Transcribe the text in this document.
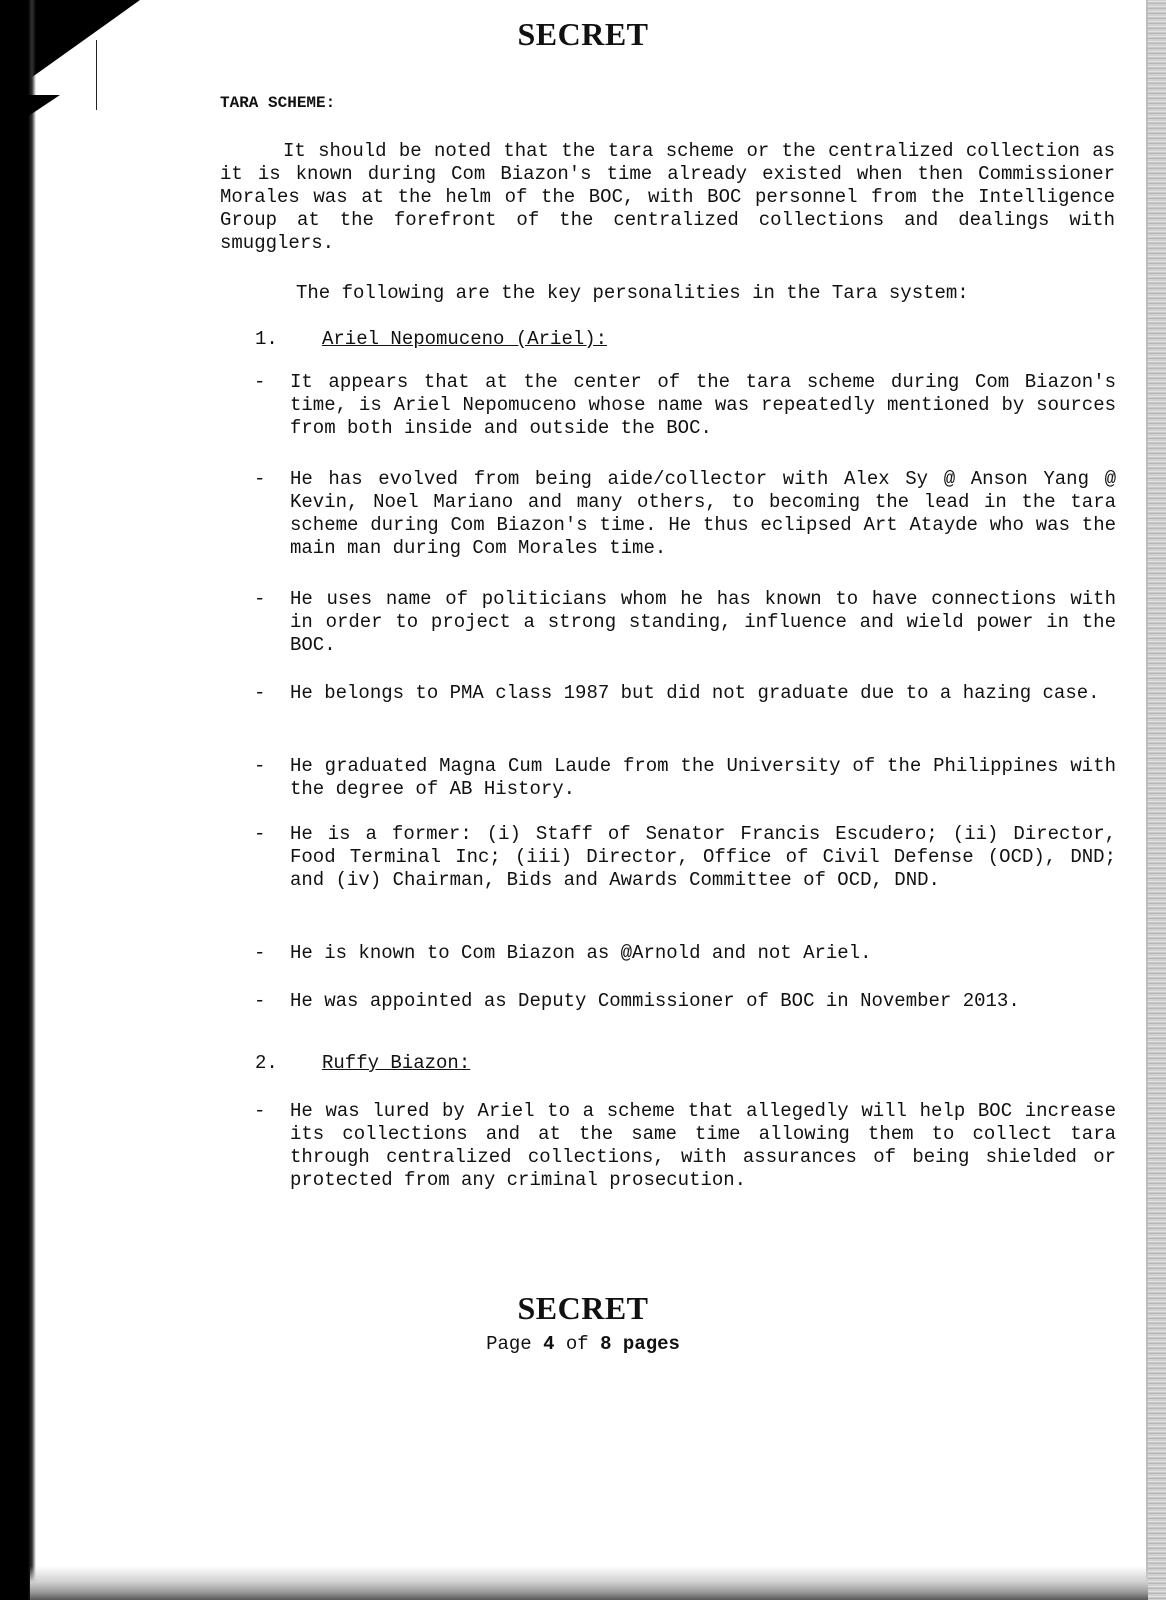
SECRET
TARA SCHEME:

It should be noted that the tara scheme or the centralized collection as it is known during Com Biazon's time already existed when then Commissioner Morales was at the helm of the BOC, with BOC personnel from the Intelligence Group at the forefront of the centralized collections and dealings with smugglers.

The following are the key personalities in the Tara system:

1. Ariel Nepomuceno (Ariel):
- It appears that at the center of the tara scheme during Com Biazon's time, is Ariel Nepomuceno whose name was repeatedly mentioned by sources from both inside and outside the BOC.

- He has evolved from being aide/collector with Alex Sy @ Anson Yang @ Kevin, Noel Mariano and many others, to becoming the lead in the tara scheme during Com Biazon's time. He thus eclipsed Art Atayde who was the main man during Com Morales time.

- He uses name of politicians whom he has known to have connections with in order to project a strong standing, influence and wield power in the BOC.

- He belongs to PMA class 1987 but did not graduate due to a hazing case.

- He graduated Magna Cum Laude from the University of the Philippines with the degree of AB History.

- He is a former: (i) Staff of Senator Francis Escudero; (ii) Director, Food Terminal Inc; (iii) Director, Office of Civil Defense (OCD), DND; and (iv) Chairman, Bids and Awards Committee of OCD, DND.

- He is known to Com Biazon as @Arnold and not Ariel.

- He was appointed as Deputy Commissioner of BOC in November 2013.

2. Ruffy Biazon:
- He was lured by Ariel to a scheme that allegedly will help BOC increase its collections and at the same time allowing them to collect tara through centralized collections, with assurances of being shielded or protected from any criminal prosecution.

SECRET
Page 4 of 8 pages
